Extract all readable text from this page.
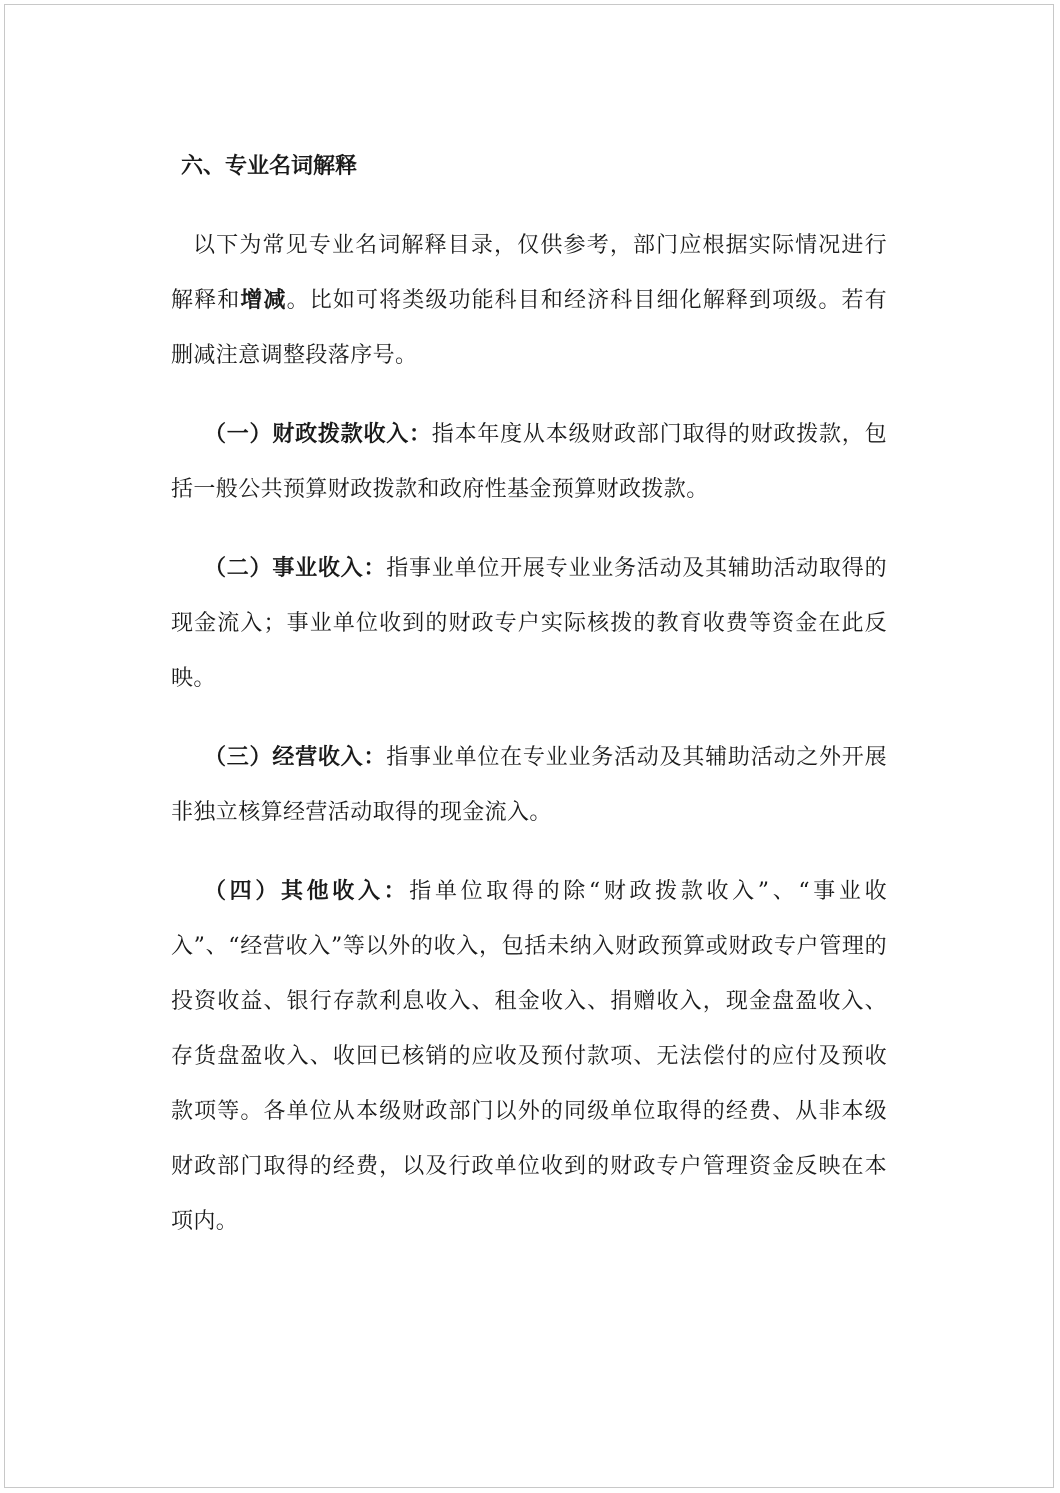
六、专业名词解释

以下为常见专业名词解释目录，仅供参考，部门应根据实际情况进行解释和增减。比如可将类级功能科目和经济科目细化解释到项级。若有删减注意调整段落序号。

（一）财政拨款收入：指本年度从本级财政部门取得的财政拨款，包括一般公共预算财政拨款和政府性基金预算财政拨款。

（二）事业收入：指事业单位开展专业业务活动及其辅助活动取得的现金流入；事业单位收到的财政专户实际核拨的教育收费等资金在此反映。

（三）经营收入：指事业单位在专业业务活动及其辅助活动之外开展非独立核算经营活动取得的现金流入。

（四）其他收入：指单位取得的除“财政拨款收入”、“事业收入”、“经营收入”等以外的收入，包括未纳入财政预算或财政专户管理的投资收益、银行存款利息收入、租金收入、捐赠收入，现金盘盈收入、存货盘盈收入、收回已核销的应收及预付款项、无法偿付的应付及预收款项等。各单位从本级财政部门以外的同级单位取得的经费、从非本级财政部门取得的经费，以及行政单位收到的财政专户管理资金反映在本项内。
